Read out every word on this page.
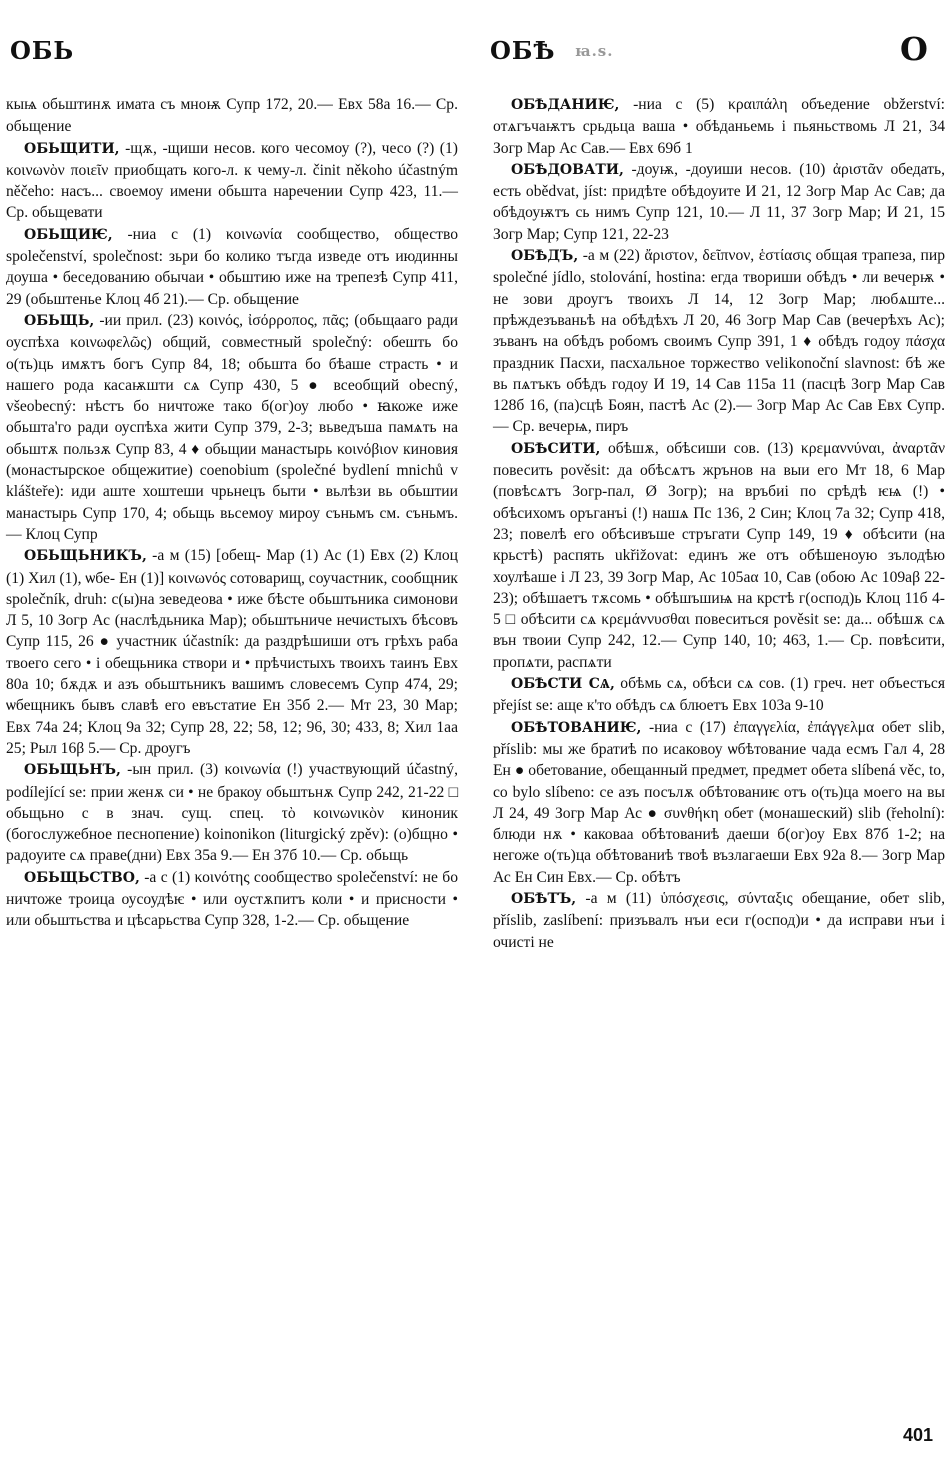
ОБЬ	ꙗ.ѕ.
ОБѢ	О

кыѩ обьштинѫ имата съ мноѭ Супр 172, 20.— Евх 58а 16.— Ср. обьщение

ОБЬЩИТИ, -щѫ, -щиши несов. кого чесомоу (?), чесо (?) (1) κοινωνὸν ποιεῖν приобщать кого-л. к чему-л. činit někoho účastným něčeho: насъ... своемоу имени обьшта наречении Супр 423, 11.— Ср. обьщевати

ОБЬЩИѤ, -ниа с (1) κοινωνία сообщество, общество společenství, společnost: зьри бо колико тъгда изведе отъ июдинны доуша • беседованию обычаи • обьштию иже на трепезѣ Супр 411, 29 (обьштенье Клоц 4б 21).— Ср. обьщение

ОБЬЩЬ, -ии прил. (23) κοινός, ἰσόρροπος, πᾶς; (обьщааго ради оуспѣха κοινωφελῶς) общий, совместный společný: обешть бо о(ть)ць имѫтъ богъ Супр 84, 18; обьшта бо бѣаше страсть • и нашего рода касаѭшти сѧ Супр 430, 5 ● всеобщий obecný, všeobecný: нѣстъ бо ничтоже тако б(ог)оу любо • ꙗкоже иже обьшта'го ради оуспѣха жити Супр 379, 2-3; вьведъша памѧть на обьштѫ пользѫ Супр 83, 4 ♦ обьщии манастырь κοινόβιον киновия (монастырское общежитие) coenobium (společné bydlení mnichů v klášteře): иди аште хоштеши чрьнецъ быти • вьлѣзи вь обьштии манастырь Супр 170, 4; обьщь вьсемоу мироу съньмъ см. съньмъ.— Клоц Супр

ОБЬЩЬНИКЪ, -а м (15) [обещ- Мар (1) Ас (1) Евх (2) Клоц (1) Хил (1), ѡбе- Ен (1)] κοινωνός сотоварищ, соучастник, сообщник společník, druh: с(ы)на зеведеова • иже бѣсте обьштьника симонови Л 5, 10 Зогр Ас (наслѣдьника Мар); обьштьниче нечистыхъ бѣсовъ Супр 115, 26 ● участник účastník: да раздрѣшиши отъ грѣхъ раба твоего сего • і обещьника створи и • прѣчистыхъ твоихъ таинъ Евх 80а 10; бѫдѫ и азъ обьштьникъ вашимъ словесемъ Супр 474, 29; ѡбещникъ бывъ славѣ его евъстатие Ен 35б 2.— Мт 23, 30 Мар; Евх 74а 24; Клоц 9а 32; Супр 28, 22; 58, 12; 96, 30; 433, 8; Хил 1аа 25; Рыл 16β 5.— Ср. дроугъ

ОБЬЩЬНЪ, -ын прил. (3) κοινωνία (!) участвующий účastný, podílející se: прии женѫ си • не бракоу обьштьнѫ Супр 242, 21-22 □ обьщьно с в знач. сущ. спец. τὸ κοινωνικὸν киноник (богослужебное песнопение) koinonikon (liturgický zpěv): (о)бщно • радоуите сѧ праве(дни) Евх 35а 9.— Ен 37б 10.— Ср. обьщь

ОБЬЩЬСТВО, -а с (1) κοινότης сообщество společenství: не бо ничтоже троица оусоудѣѥ • или оустѫпитъ коли • и присности • или обьштьства и цѣсарьства Супр 328, 1-2.— Ср. обьщение

ОБѢДАНИѤ, -ниа с (5) κραιπάλη объедение obžerství: отѧгъчаѭтъ срьдьца ваша • обѣданьемь і пьяньствомь Л 21, 34 Зогр Мар Ас Сав.— Евх 69б 1

ОБѢДОВАТИ, -доуѭ, -доуиши несов. (10) ἀριστᾶν обедать, есть obědvat, jíst: придѣте обѣдоуите И 21, 12 Зогр Мар Ас Сав; да обѣдоуѭтъ сь нимъ Супр 121, 10.— Л 11, 37 Зогр Мар; И 21, 15 Зогр Мар; Супр 121, 22-23

ОБѢДЪ, -а м (22) ἄριστον, δεῖπνον, ἑστίασις общая трапеза, пир společné jídlo, stolování, hostina: егда твориши обѣдъ • ли вечерѭ • не зови дроугъ твоихъ Л 14, 12 Зогр Мар; любѧште... прѣждезъваньѣ на обѣдѣхъ Л 20, 46 Зогр Мар Сав (вечерѣхъ Ас); зъванъ на обѣдъ робомъ своимъ Супр 391, 1 ♦ обѣдъ годоу πάσχα праздник Пасхи, пасхальное торжество velikonoční slavnost: бѣ же вь пѧтъкъ обѣдъ годоу И 19, 14 Сав 115а 11 (пасцѣ Зогр Мар Сав 128б 16, (па)сцѣ Боян, пастѣ Ас (2).— Зогр Мар Ас Сав Евх Супр.— Ср. вечерѩ, пиръ

ОБѢСИТИ, обѣшѫ, обѣсиши сов. (13) κρεμαννύναι, ἀναρτᾶν повесить pověsit: да обѣсѧтъ жрънов на выи его Мт 18, 6 Мар (повѣсѧтъ Зогр-пал, Ø Зогр); на връбиі по срѣдѣ ѥѩ (!) • обѣсихомъ оръганъі (!) нашѧ Пс 136, 2 Син; Клоц 7а 32; Супр 418, 23; повелѣ его обѣсивъше стръгати Супр 149, 19 ♦ обѣсити (на крьстѣ) распять ukřižovat: единъ же отъ обѣшеноую зълодѣю хоулѣаше і Л 23, 39 Зогр Мар, Ас 105аα 10, Сав (обою Ас 109аβ 22-23); обѣшаетъ тѫсомь • обѣшъшиѩ на крстѣ г(оспод)ь Клоц 11б 4-5 □ обѣсити сѧ κρεμάννυσθαι повеситься pověsit se: да... обѣшѫ сѧ вън твоии Супр 242, 12.— Супр 140, 10; 463, 1.— Ср. повѣсити, пропѧти, распѧти

ОБѢСТИ СѦ, обѣмь сѧ, обѣси сѧ сов. (1) греч. нет объесться přejíst se: аще к'то обѣдъ сѧ блюетъ Евх 103а 9-10

ОБѢТОВАНИѤ, -ниа с (17) ἐπαγγελία, ἐπάγγελμα обет slib, příslib: мы же братиѣ по исаковоу ѡбѣтование чада есмъ Гал 4, 28 Ен ● обетование, обещанный предмет, предмет обета slíbená věc, to, co bylo slíbeno: се азъ посълѫ обѣтованиѥ отъ о(ть)ца моего на вы Л 24, 49 Зогр Мар Ас ● συνθήκη обет (монашеский) slib (řeholní): блюди нѫ • каковаа обѣтованиѣ даеши б(ог)оу Евх 87б 1-2; на негоже о(ть)ца обѣтованиѣ твоѣ възлагаеши Евх 92а 8.— Зогр Мар Ас Ен Син Евх.— Ср. обѣтъ

ОБѢТЪ, -а м (11) ὑπόσχεσις, σύνταξις обещание, обет slib, příslib, zaslíbení: призъвалъ нъи еси г(оспод)и • да исправи нъи і очисті не

401
